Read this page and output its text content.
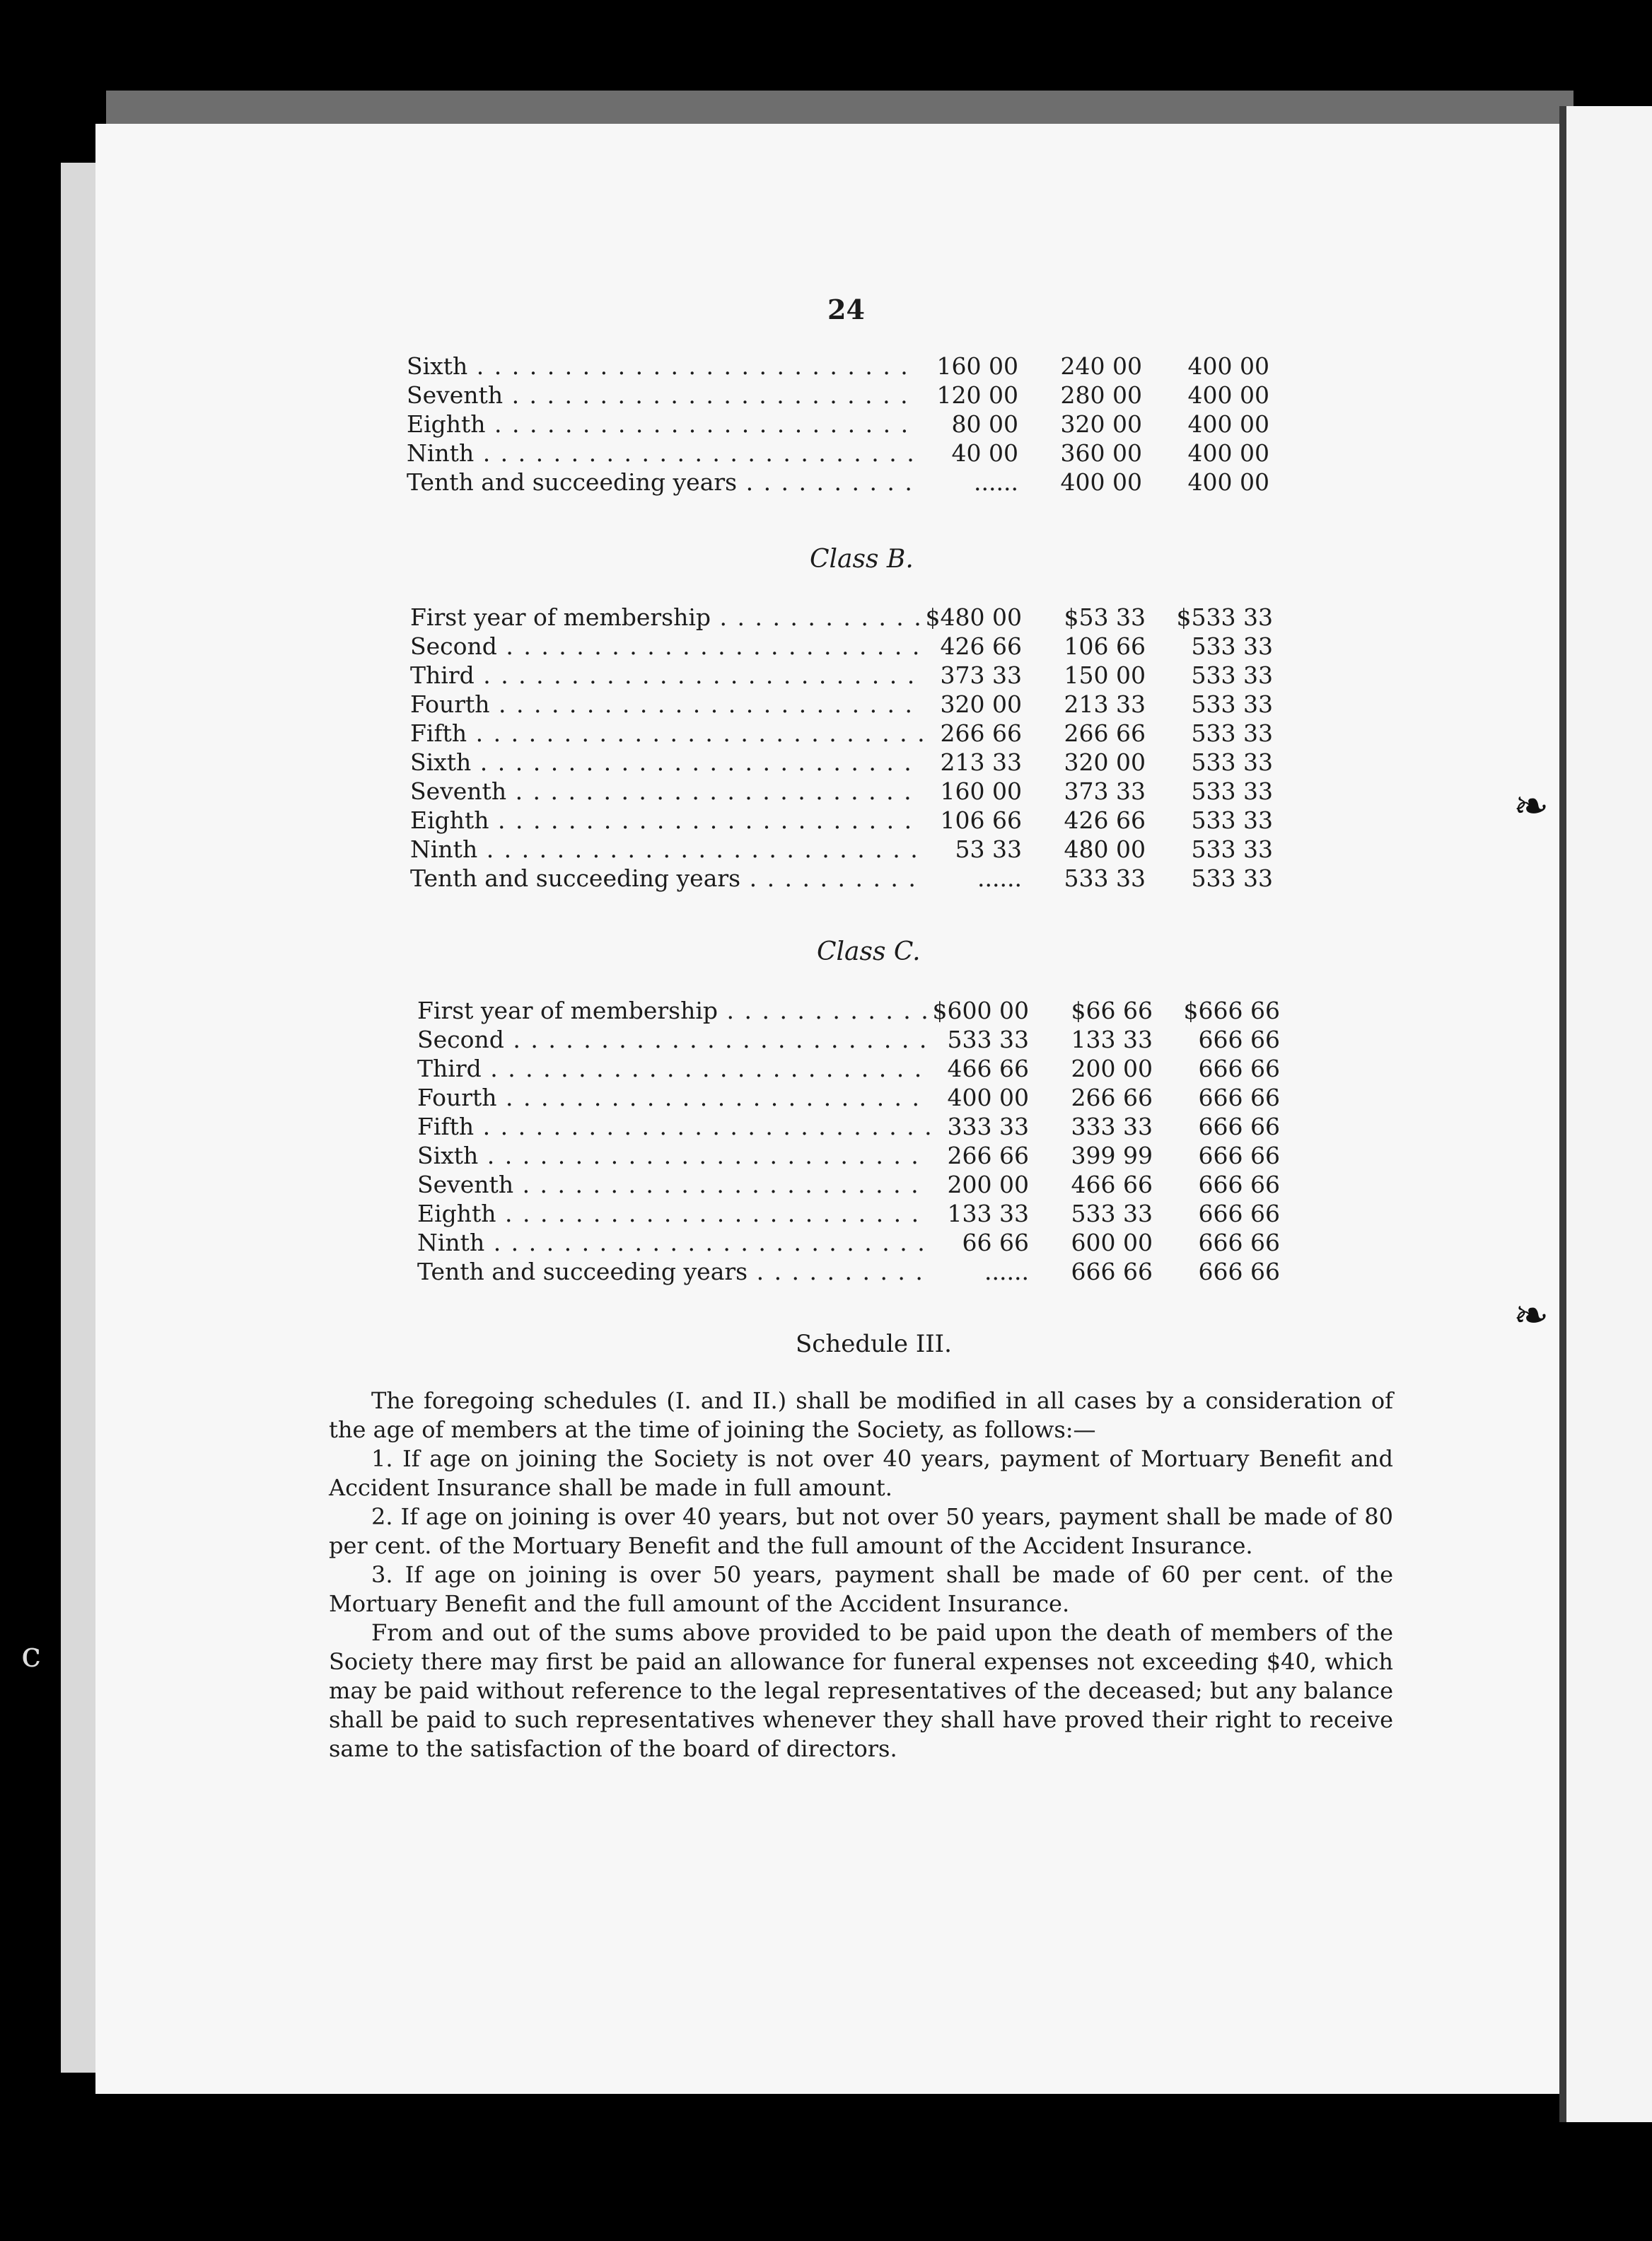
❧
❧
c
24
Sixth . . .	160 00	240 00	400 00
Seventh . . .	120 00	280 00	400 00
Eighth . . .	80 00	320 00	400 00
Ninth . . .	40 00	360 00	400 00
Tenth and succeeding years . . .	......	400 00	400 00
Class B.
First year of membership . . .	$480 00	$53 33	$533 33
Second . . .	426 66	106 66	533 33
Third . . .	373 33	150 00	533 33
Fourth . . .	320 00	213 33	533 33
Fifth . . .	266 66	266 66	533 33
Sixth . . .	213 33	320 00	533 33
Seventh . . .	160 00	373 33	533 33
Eighth . . .	106 66	426 66	533 33
Ninth . . .	53 33	480 00	533 33
Tenth and succeeding years . . .	......	533 33	533 33
Class C.
First year of membership . . .	$600 00	$66 66	$666 66
Second . . .	533 33	133 33	666 66
Third . . .	466 66	200 00	666 66
Fourth . . .	400 00	266 66	666 66
Fifth . . .	333 33	333 33	666 66
Sixth . . .	266 66	399 99	666 66
Seventh . . .	200 00	466 66	666 66
Eighth . . .	133 33	533 33	666 66
Ninth . . .	66 66	600 00	666 66
Tenth and succeeding years . . .	......	666 66	666 66
Schedule III.

The foregoing schedules (I. and II.) shall be modified in all cases by a consideration of the age of members at the time of joining the Society, as follows:—

1. If age on joining the Society is not over 40 years, payment of Mortuary Benefit and Accident Insurance shall be made in full amount.

2. If age on joining is over 40 years, but not over 50 years, payment shall be made of 80 per cent. of the Mortuary Benefit and the full amount of the Accident Insurance.

3. If age on joining is over 50 years, payment shall be made of 60 per cent. of the Mortuary Benefit and the full amount of the Accident Insurance.

From and out of the sums above provided to be paid upon the death of members of the Society there may first be paid an allowance for funeral expenses not exceeding $40, which may be paid without reference to the legal representatives of the deceased; but any balance shall be paid to such representatives whenever they shall have proved their right to receive same to the satisfaction of the board of directors.
